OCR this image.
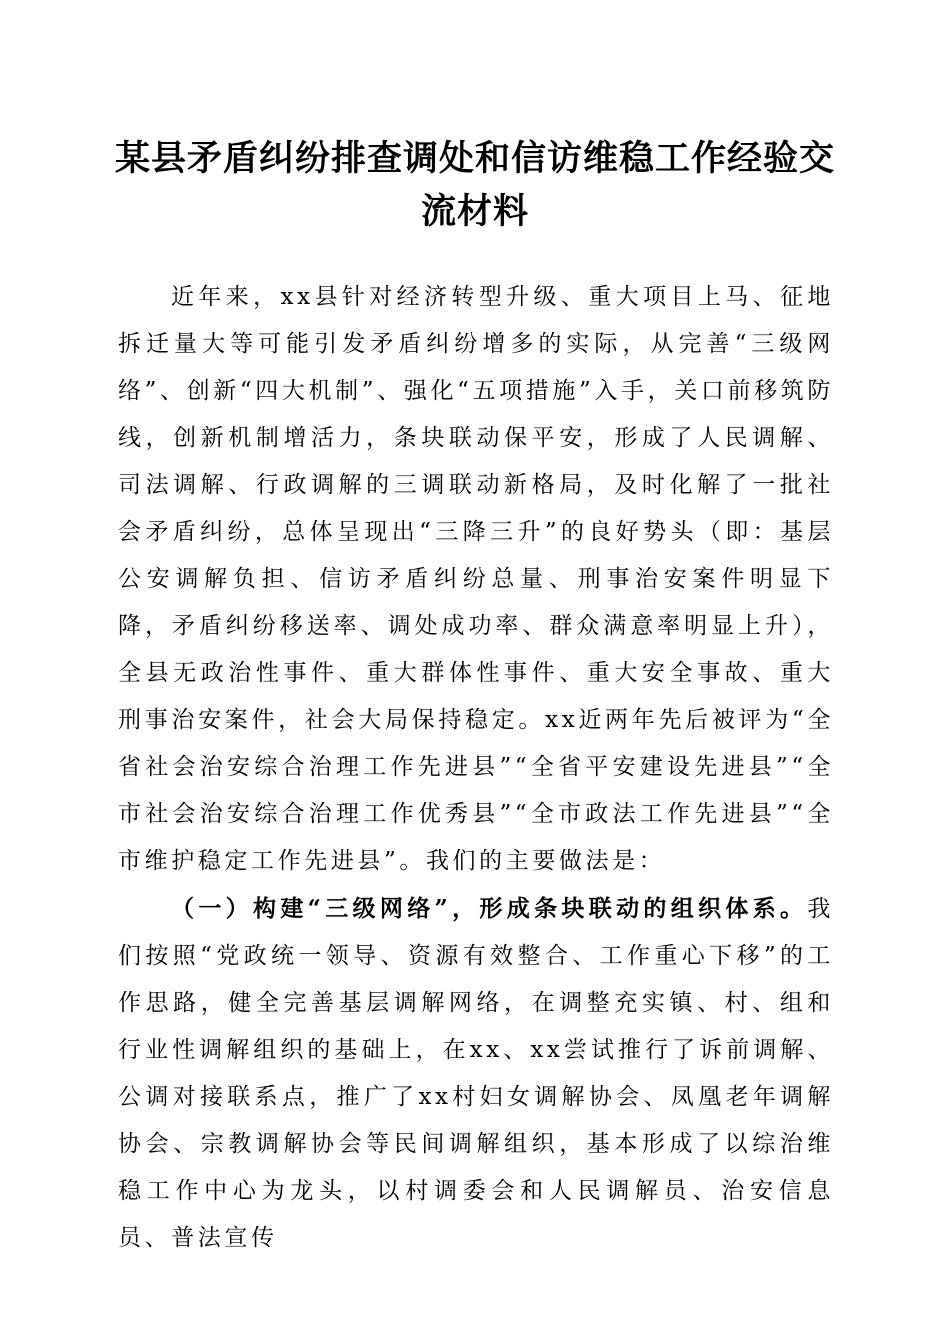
某县矛盾纠纷排查调处和信访维稳工作经验交流材料

近年来，xx县针对经济转型升级、重大项目上马、征地拆迁量大等可能引发矛盾纠纷增多的实际，从完善“三级网络”、创新“四大机制”、强化“五项措施”入手，关口前移筑防线，创新机制增活力，条块联动保平安，形成了人民调解、司法调解、行政调解的三调联动新格局，及时化解了一批社会矛盾纠纷，总体呈现出“三降三升”的良好势头（即：基层公安调解负担、信访矛盾纠纷总量、刑事治安案件明显下降，矛盾纠纷移送率、调处成功率、群众满意率明显上升），全县无政治性事件、重大群体性事件、重大安全事故、重大刑事治安案件，社会大局保持稳定。xx近两年先后被评为“全省社会治安综合治理工作先进县”“全省平安建设先进县”“全市社会治安综合治理工作优秀县”“全市政法工作先进县”“全市维护稳定工作先进县”。我们的主要做法是：

（一）构建“三级网络”，形成条块联动的组织体系。我们按照“党政统一领导、资源有效整合、工作重心下移”的工作思路，健全完善基层调解网络，在调整充实镇、村、组和行业性调解组织的基础上，在xx、xx尝试推行了诉前调解、公调对接联系点，推广了xx村妇女调解协会、凤凰老年调解协会、宗教调解协会等民间调解组织，基本形成了以综治维稳工作中心为龙头，以村调委会和人民调解员、治安信息员、普法宣传
